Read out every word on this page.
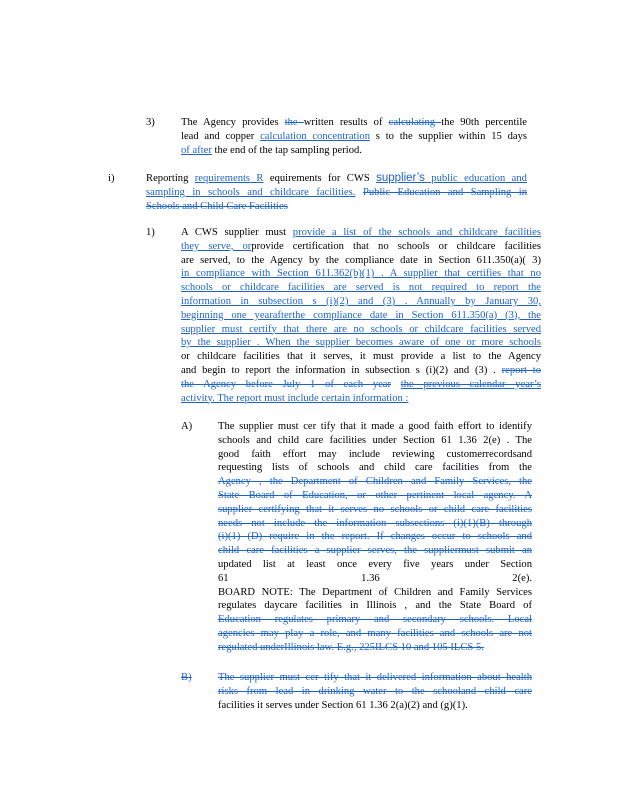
3) The Agency provides the written results of calculating the 90th percentile
lead and copper calculation concentration s to the supplier within 15 days
of after the end of the tap sampling period.
i)	Reporting requirements R equirements for CWS supplier’s public education and
sampling in schools and childcare facilities. Public Education and Sampling in
Schools and Child Care Facilities
1) A CWS supplier must provide a list of the schools and childcare facilities
they serve, orprovide certification that no schools or childcare facilities
are served, to the Agency by the compliance date in Section 611.350(a)( 3)
in compliance with Section 611.362(b)(1) . A supplier that certifies that no
schools or childcare facilities are served is not required to report the
information in subsection s (i)(2) and (3) . Annually by January 30,
beginning one yearafterthe compliance date in Section 611.350(a) (3), the
supplier must certify that there are no schools or childcare facilities served
by the supplier . When the supplier becomes aware of one or more schools
or childcare facilities that it serves, it must provide a list to the Agency
and begin to report the information in subsection s (i)(2) and (3) . report to
the Agency before July 1 of each year the previous calendar year’s
activity. The report must include certain information :
A) The supplier must cer tify that it made a good faith effort to identify
schools and child care facilities under Section 61 1.36 2(e) . The
good faith effort may include reviewing customerrecordsand
requesting lists of schools and child care facilities from the
Agency , the Department of Children and Family Services, the
State Board of Education, or other pertinent local agency. A
supplier certifying that it serves no schools or child care facilities
needs not include the information subsections (i)(1)(B) through
(i)(1) (D) require in the report. If changes occur to schools and
child care facilities a supplier serves, the suppliermust submit an
updated list at least once every five years under Section
61 1.36 2(e).
BOARD NOTE: The Department of Children and Family Services
regulates daycare facilities in Illinois , and the State Board of
Education regulates primary and secondary schools. Local
agencies may play a role, and many facilities and schools are not
regulated underIllinois law. E.g., 225ILCS 10 and 105 ILCS 5.
B) The supplier must cer tify that it delivered information about health
risks from lead in drinking water to the schooland child care
facilities it serves under Section 61 1.36 2(a)(2) and (g)(1).
